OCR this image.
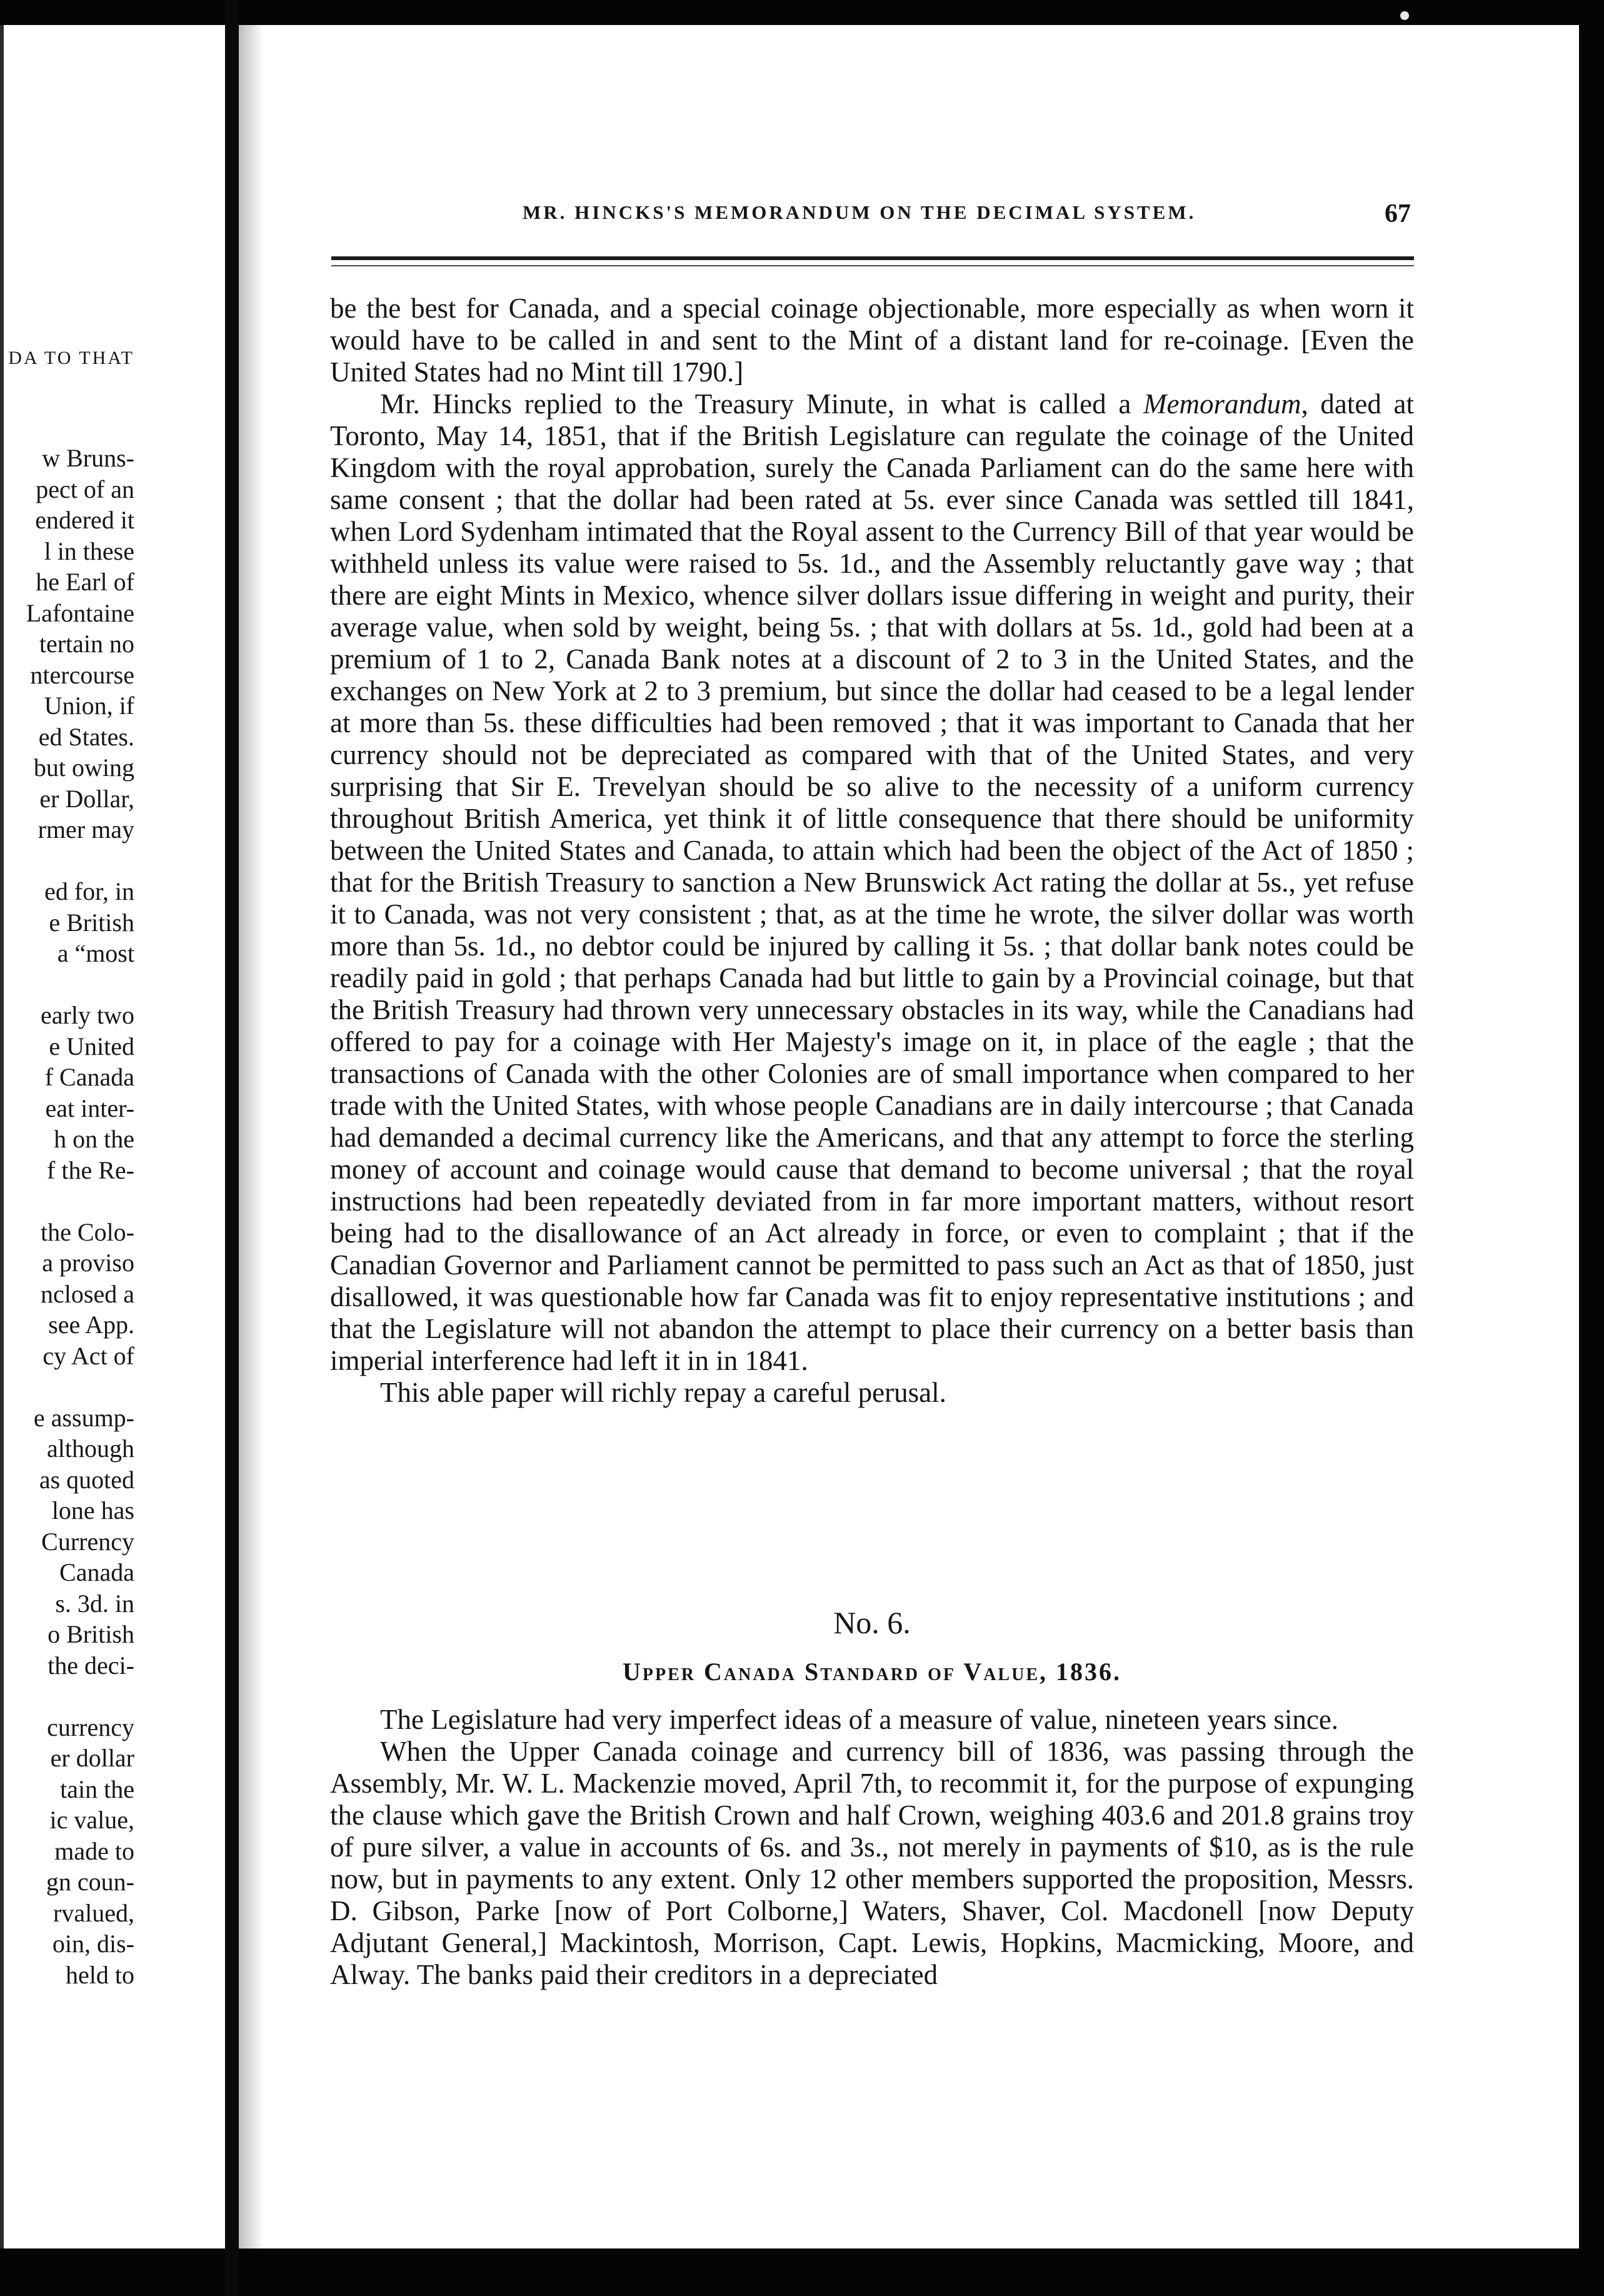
DA TO THAT
w Bruns-
pect of an
endered it
l in these
he Earl of
Lafontaine
tertain no
ntercourse
Union, if
ed States.
but owing
er Dollar,
rmer may
ed for, in
e British
a “most
early two
e United
f Canada
eat inter-
h on the
f the Re-
the Colo-
a proviso
nclosed a
see App.
cy Act of
e assump-
although
as quoted
lone has
Currency
Canada
s. 3d. in
o British
the deci-
currency
er dollar
tain the
ic value,
made to
gn coun-
rvalued,
oin, dis-
held to
MR. HINCKS'S MEMORANDUM ON THE DECIMAL SYSTEM.	67

be the best for Canada, and a special coinage objectionable, more especially as when worn it would have to be called in and sent to the Mint of a distant land for re-coinage. [Even the United States had no Mint till 1790.]

Mr. Hincks replied to the Treasury Minute, in what is called a Memorandum, dated at Toronto, May 14, 1851, that if the British Legislature can regulate the coinage of the United Kingdom with the royal approbation, surely the Canada Parliament can do the same here with same consent ; that the dollar had been rated at 5s. ever since Canada was settled till 1841, when Lord Sydenham intimated that the Royal assent to the Currency Bill of that year would be withheld unless its value were raised to 5s. 1d., and the Assembly reluctantly gave way ; that there are eight Mints in Mexico, whence silver dollars issue differing in weight and purity, their average value, when sold by weight, being 5s. ; that with dollars at 5s. 1d., gold had been at a premium of 1 to 2, Canada Bank notes at a discount of 2 to 3 in the United States, and the exchanges on New York at 2 to 3 premium, but since the dollar had ceased to be a legal lender at more than 5s. these difficulties had been removed ; that it was important to Canada that her currency should not be depreciated as compared with that of the United States, and very surprising that Sir E. Trevelyan should be so alive to the necessity of a uniform currency throughout British America, yet think it of little consequence that there should be uniformity between the United States and Canada, to attain which had been the object of the Act of 1850 ; that for the British Treasury to sanction a New Brunswick Act rating the dollar at 5s., yet refuse it to Canada, was not very consistent ; that, as at the time he wrote, the silver dollar was worth more than 5s. 1d., no debtor could be injured by calling it 5s. ; that dollar bank notes could be readily paid in gold ; that perhaps Canada had but little to gain by a Provincial coinage, but that the British Treasury had thrown very unnecessary obstacles in its way, while the Canadians had offered to pay for a coinage with Her Majesty's image on it, in place of the eagle ; that the transactions of Canada with the other Colonies are of small importance when compared to her trade with the United States, with whose people Canadians are in daily intercourse ; that Canada had demanded a decimal currency like the Americans, and that any attempt to force the sterling money of account and coinage would cause that demand to become universal ; that the royal instructions had been repeatedly deviated from in far more important matters, without resort being had to the disallowance of an Act already in force, or even to complaint ; that if the Canadian Governor and Parliament cannot be permitted to pass such an Act as that of 1850, just disallowed, it was questionable how far Canada was fit to enjoy representative institutions ; and that the Legislature will not abandon the attempt to place their currency on a better basis than imperial interference had left it in in 1841.

This able paper will richly repay a careful perusal.

No. 6.
Upper Canada Standard of Value, 1836.

The Legislature had very imperfect ideas of a measure of value, nineteen years since.

When the Upper Canada coinage and currency bill of 1836, was passing through the Assembly, Mr. W. L. Mackenzie moved, April 7th, to recommit it, for the purpose of expunging the clause which gave the British Crown and half Crown, weighing 403.6 and 201.8 grains troy of pure silver, a value in accounts of 6s. and 3s., not merely in payments of $10, as is the rule now, but in payments to any extent. Only 12 other members supported the proposition, Messrs. D. Gibson, Parke [now of Port Colborne,] Waters, Shaver, Col. Macdonell [now Deputy Adjutant General,] Mackintosh, Morrison, Capt. Lewis, Hopkins, Macmicking, Moore, and Alway. The banks paid their creditors in a depreciated
